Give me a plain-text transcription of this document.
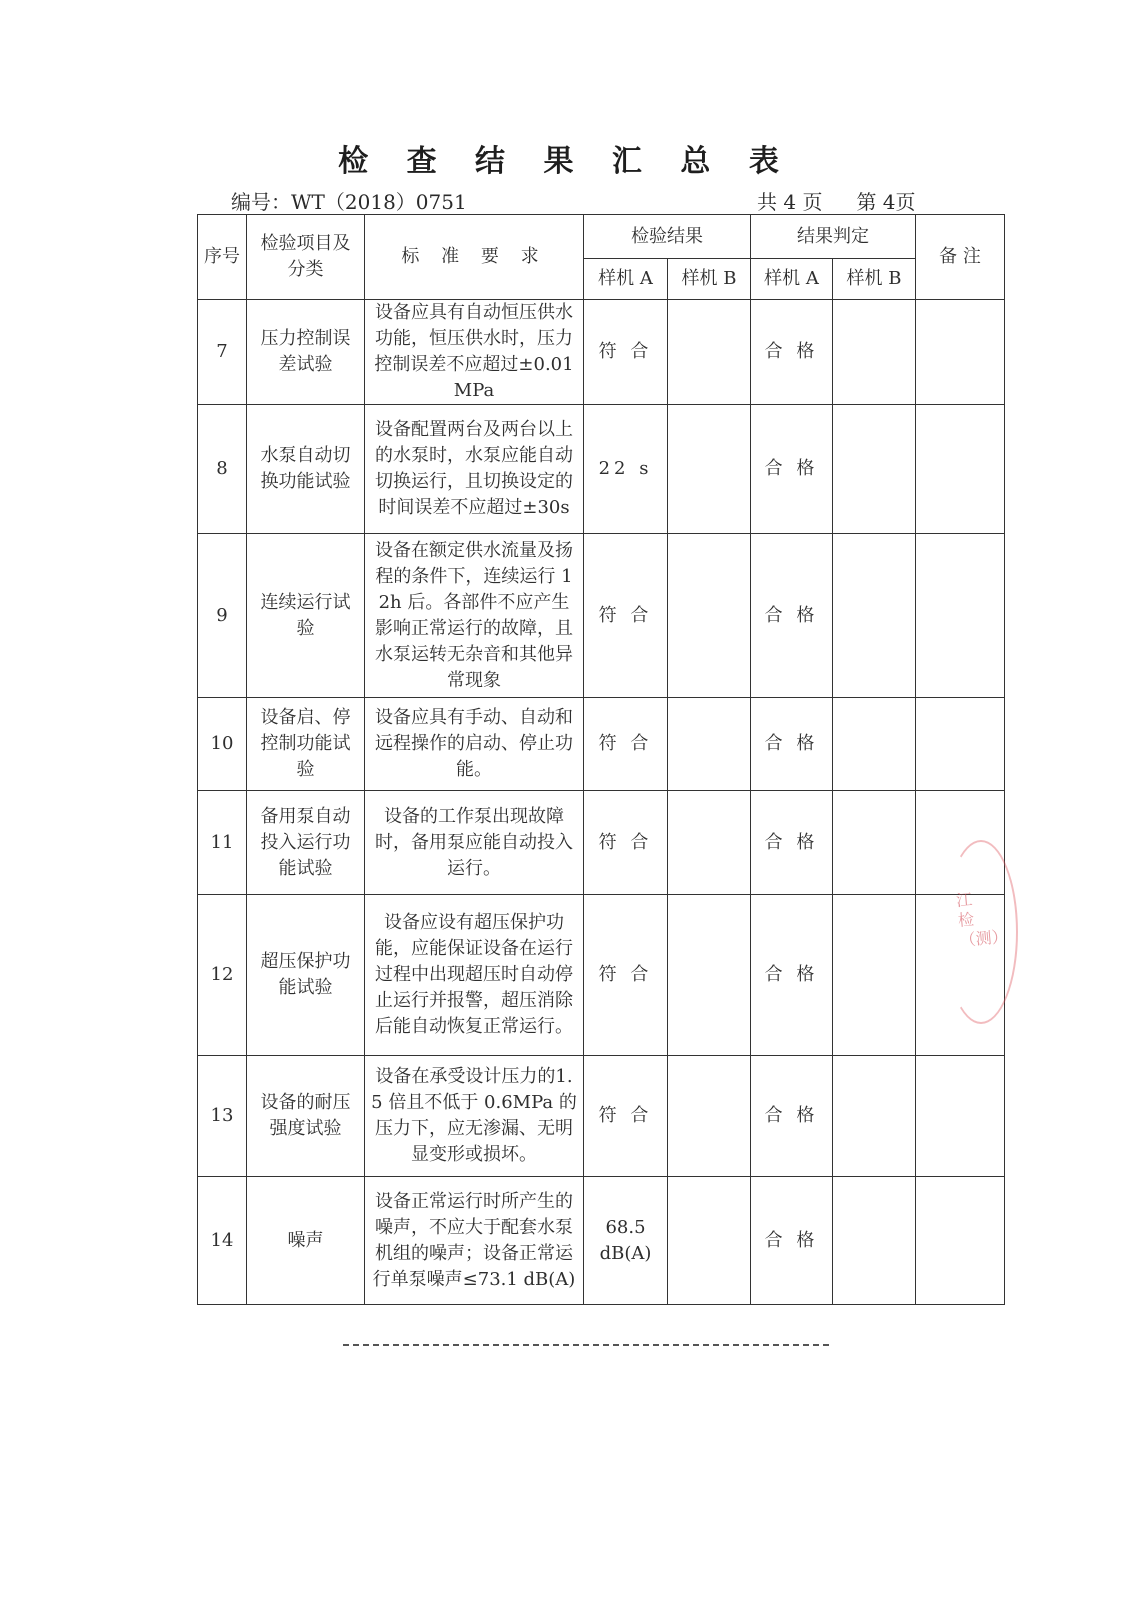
检 查 结 果 汇 总 表
编号：WT（2018）0751	共 4 页 第 4页
序号	检验项目及分类	标 准 要 求	检验结果		结果判定		备 注
			样机 A	样机 B	样机 A	样机 B	
7	压力控制误差试验	设备应具有自动恒压供水功能，恒压供水时，压力控制误差不应超过±0.01MPa	符 合		合 格		
8	水泵自动切换功能试验	设备配置两台及两台以上的水泵时，水泵应能自动切换运行，且切换设定的时间误差不应超过±30s	22 s		合 格		
9	连续运行试验	设备在额定供水流量及扬程的条件下，连续运行 12h 后。各部件不应产生影响正常运行的故障，且水泵运转无杂音和其他异常现象	符 合		合 格		
10	设备启、停控制功能试验	设备应具有手动、自动和远程操作的启动、停止功能。	符 合		合 格		
11	备用泵自动投入运行功能试验	设备的工作泵出现故障时，备用泵应能自动投入运行。	符 合		合 格		
12	超压保护功能试验	设备应设有超压保护功能，应能保证设备在运行过程中出现超压时自动停止运行并报警，超压消除后能自动恢复正常运行。	符 合		合 格		
13	设备的耐压强度试验	设备在承受设计压力的1.5 倍且不低于 0.6MPa 的压力下，应无渗漏、无明显变形或损坏。	符 合		合 格		
14	噪声	设备正常运行时所产生的噪声，不应大于配套水泵机组的噪声；设备正常运行单泵噪声≤73.1 dB(A)	68.5 dB(A)		合 格		
江检（测）
